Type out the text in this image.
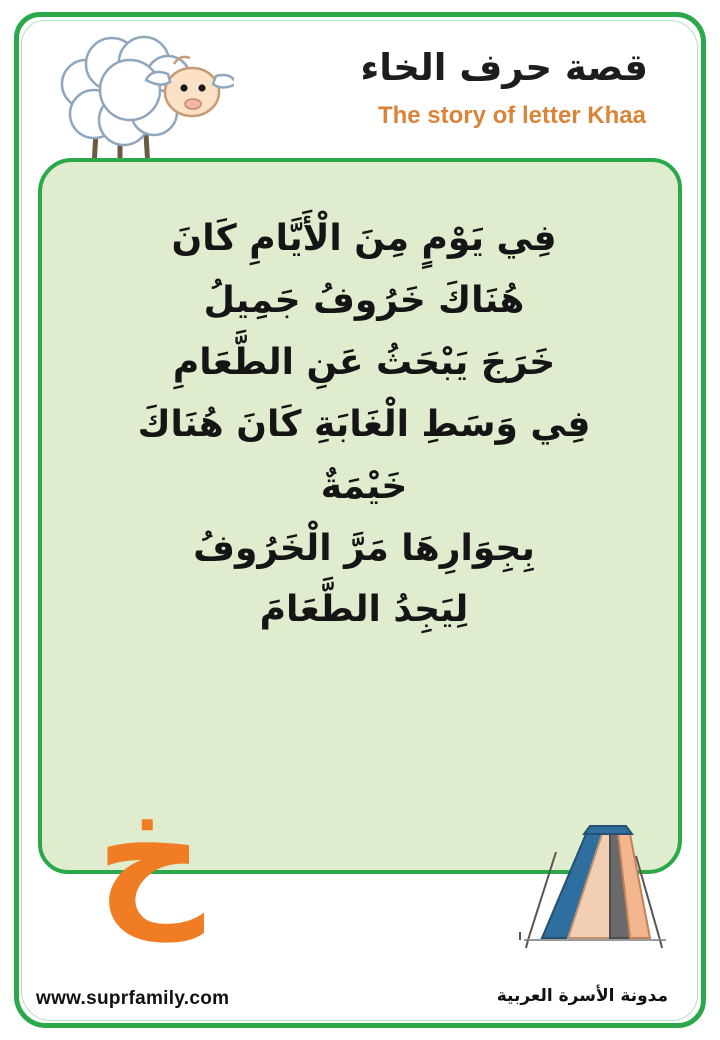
قصة حرف الخاء
The story of letter Khaa
فِي يَوْمٍ مِنَ الْأَيَّامِ كَانَ
هُنَاكَ خَرُوفُ جَمِيلُ
خَرَجَ يَبْحَثُ عَنِ الطَّعَامِ
فِي وَسَطِ الْغَابَةِ كَانَ هُنَاكَ
خَيْمَةٌ
بِجِوَارِهَا مَرَّ الْخَرُوفُ
لِيَجِدُ الطَّعَامَ
خ
www.suprfamily.com	مدونة الأسرة العربية
